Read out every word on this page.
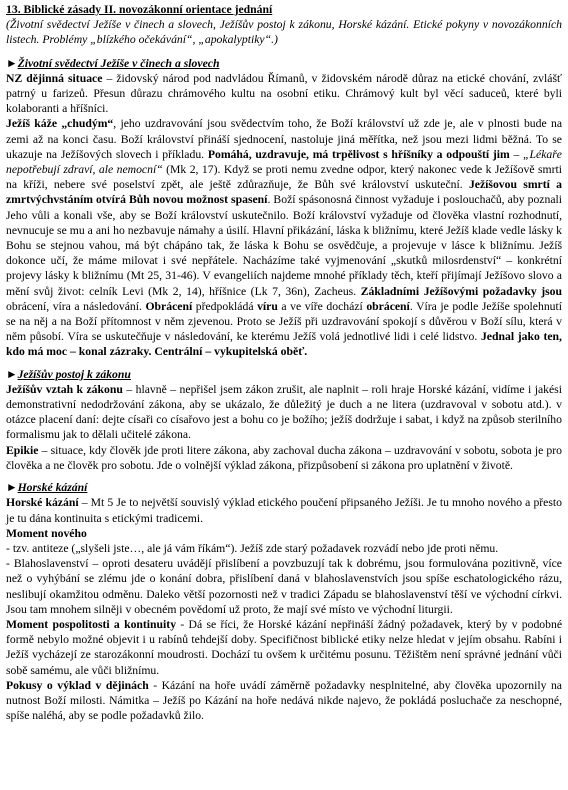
13. Biblické zásady II. novozákonní orientace jednání
(Životní svědectví Ježíše v činech a slovech, Ježíšův postoj k zákonu, Horské kázání. Etické pokyny v novozákonních listech. Problémy „blízkého očekávání“, „apokalyptiky“.)
►Životní svědectví Ježíše v činech a slovech

NZ dějinná situace – židovský národ pod nadvládou Římanů, v židovském národě důraz na etické chování, zvlášť patrný u farizeů. Přesun důrazu chrámového kultu na osobní etiku. Chrámový kult byl věcí saduceů, které byli kolaboranti a hříšníci.

Ježíš káže „chudým“, jeho uzdravování jsou svědectvím toho, že Boží království už zde je, ale v plnosti bude na zemi až na konci času. Boží království přináší sjednocení, nastoluje jiná měřítka, než jsou mezi lidmi běžná. To se ukazuje na Ježíšových slovech i příkladu. Pomáhá, uzdravuje, má trpělivost s hříšníky a odpouští jim – „Lékaře nepotřebují zdraví, ale nemocní“ (Mk 2, 17). Když se proti nemu zvedne odpor, který nakonec vede k Ježíšově smrti na kříži, nebere své poselství zpět, ale ještě zdůrazňuje, že Bůh své království uskuteční. Ježíšovou smrtí a zmrtvýchvstáním otvírá Bůh novou možnost spasení. Boží spásonosná činnost vyžaduje i poslouchačů, aby poznali Jeho vůli a konali vše, aby se Boží království uskutečnilo. Boží království vyžaduje od člověka vlastní rozhodnutí, nevnucuje se mu a ani ho nezbavuje námahy a úsilí. Hlavní přikázání, láska k bližnímu, které Ježíš klade vedle lásky k Bohu se stejnou vahou, má být chápáno tak, že láska k Bohu se osvědčuje, a projevuje v lásce k bližnímu. Ježíš dokonce učí, že máme milovat i své nepřátele. Nacházíme také vyjmenování „skutků milosrdenství“ – konkrétní projevy lásky k bližnímu (Mt 25, 31-46). V evangeliích najdeme mnohé příklady těch, kteří přijímají Ježíšovo slovo a mění svůj život: celník Levi (Mk 2, 14), hříšnice (Lk 7, 36n), Zacheus. Základními Ježíšovými požadavky jsou obrácení, víra a následování. Obrácení předpokládá víru a ve víře dochází obrácení. Víra je podle Ježíše spolehnutí se na něj a na Boží přítomnost v něm zjevenou. Proto se Ježíš při uzdravování spokojí s důvěrou v Boží sílu, která v něm působí. Víra se uskutečňuje v následování, ke kterému Ježíš volá jednotlivé lidi i celé lidstvo. Jednal jako ten, kdo má moc – konal zázraky. Centrální – vykupitelská oběť.

►Ježíšův postoj k zákonu

Ježíšův vztah k zákonu – hlavně – nepřišel jsem zákon zrušit, ale naplnit – roli hraje Horské kázání, vidíme i jakési demonstrativní nedodržování zákona, aby se ukázalo, že důležitý je duch a ne litera (uzdravoval v sobotu atd.). v otázce placení daní: dejte císaři co císařovo jest a bohu co je božího; ježíš dodržuje i sabat, i když na způsob sterilního formalismu jak to dělali učitelé zákona.

Epikie – situace, kdy člověk jde proti litere zákona, aby zachoval ducha zákona – uzdravování v sobotu, sobota je pro člověka a ne člověk pro sobotu. Jde o volnější výklad zákona, přizpůsobení si zákona pro uplatnění v životě.

►Horské kázání

Horské kázání – Mt 5 Je to největší souvislý výklad etického poučení připsaného Ježíši. Je tu mnoho nového a přesto je tu dána kontinuita s etickými tradicemi.

Moment nového

- tzv. antiteze („slyšeli jste…, ale já vám říkám“). Ježíš zde starý požadavek rozvádí nebo jde proti němu.

- Blahoslavenství – oproti desateru uvádějí přislíbení a povzbuzují tak k dobrému, jsou formulována pozitivně, více než o vyhýbání se zlému jde o konání dobra, přislíbení daná v blahoslavenstvích jsou spíše eschatologického rázu, neslibují okamžitou odměnu. Daleko větší pozornosti než v tradici Západu se blahoslavenství těší ve východní církvi. Jsou tam mnohem silněji v obecném povědomí už proto, že mají své místo ve východní liturgii.

Moment pospolitosti a kontinuity - Dá se říci, že Horské kázání nepřináší žádný požadavek, který by v podobné formě nebylo možné objevit i u rabínů tehdejší doby. Specifičnost biblické etiky nelze hledat v jejím obsahu. Rabíni i Ježíš vycházejí ze starozákonní moudrosti. Dochází tu ovšem k určitému posunu. Těžištěm není správné jednání vůči sobě samému, ale vůči bližnímu.

Pokusy o výklad v dějinách - Kázání na hoře uvádí záměrně požadavky nesplnitelné, aby člověka upozornily na nutnost Boží milosti. Námitka – Ježíš po Kázání na hoře nedává nikde najevo, že pokládá posluchače za neschopné, spíše naléhá, aby se podle požadavků žilo.
